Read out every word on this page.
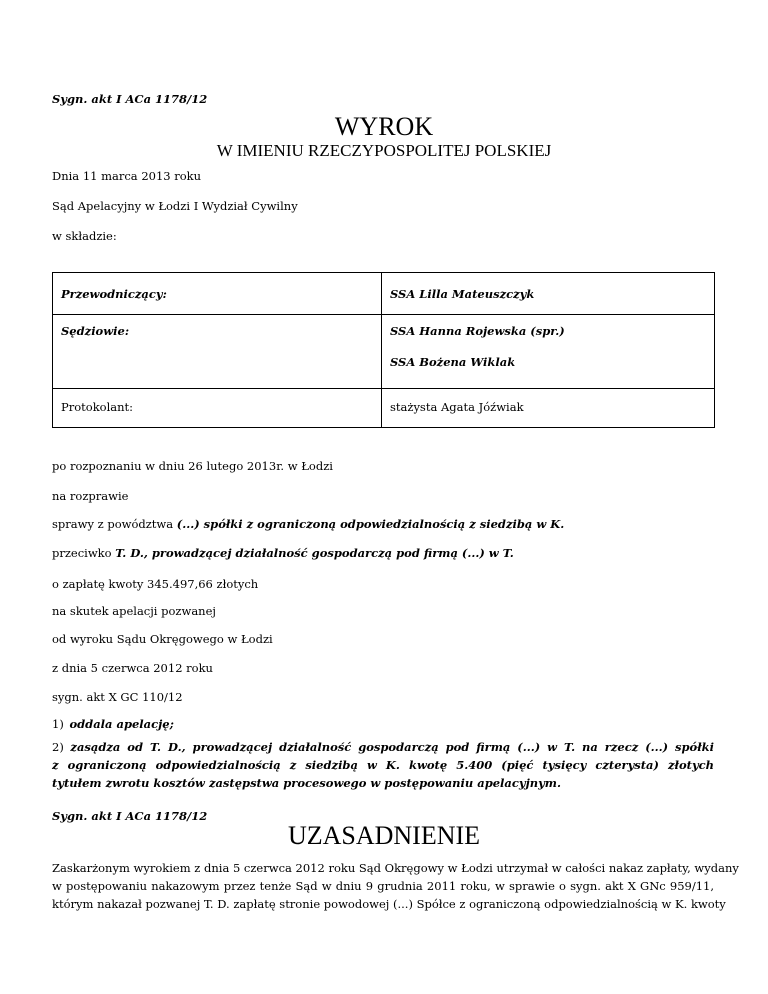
Sygn. akt I ACa 1178/12
WYROK
W IMIENIU RZECZYPOSPOLITEJ POLSKIEJ
Dnia 11 marca 2013 roku
Sąd Apelacyjny w Łodzi I Wydział Cywilny
w składzie:
Przewodniczący:	SSA Lilla Mateuszczyk

Sędziowie:	SSA Hanna Rojewska (spr.)
SSA Bożena Wiklak

Protokolant:	stażysta Agata Jóźwiak
po rozpoznaniu w dniu 26 lutego 2013r. w Łodzi
na rozprawie
sprawy z powództwa (...) spółki z ograniczoną odpowiedzialnością z siedzibą w K.
przeciwko T. D., prowadzącej działalność gospodarczą pod firmą (...) w T.
o zapłatę kwoty 345.497,66 złotych
na skutek apelacji pozwanej
od wyroku Sądu Okręgowego w Łodzi
z dnia 5 czerwca 2012 roku
sygn. akt X GC 110/12
1) oddala apelację;
2) zasądza od T. D., prowadzącej działalność gospodarczą pod firmą (...) w T. na rzecz (...) spółki
z ograniczoną odpowiedzialnością z siedzibą w K. kwotę 5.400 (pięć tysięcy czterysta) złotych
tytułem zwrotu kosztów zastępstwa procesowego w postępowaniu apelacyjnym.
Sygn. akt I ACa 1178/12
UZASADNIENIE
Zaskarżonym wyrokiem z dnia 5 czerwca 2012 roku Sąd Okręgowy w Łodzi utrzymał w całości nakaz zapłaty, wydany
w postępowaniu nakazowym przez tenże Sąd w dniu 9 grudnia 2011 roku, w sprawie o sygn. akt X GNc 959/11,
którym nakazał pozwanej T. D. zapłatę stronie powodowej (...) Spółce z ograniczoną odpowiedzialnością w K. kwoty
